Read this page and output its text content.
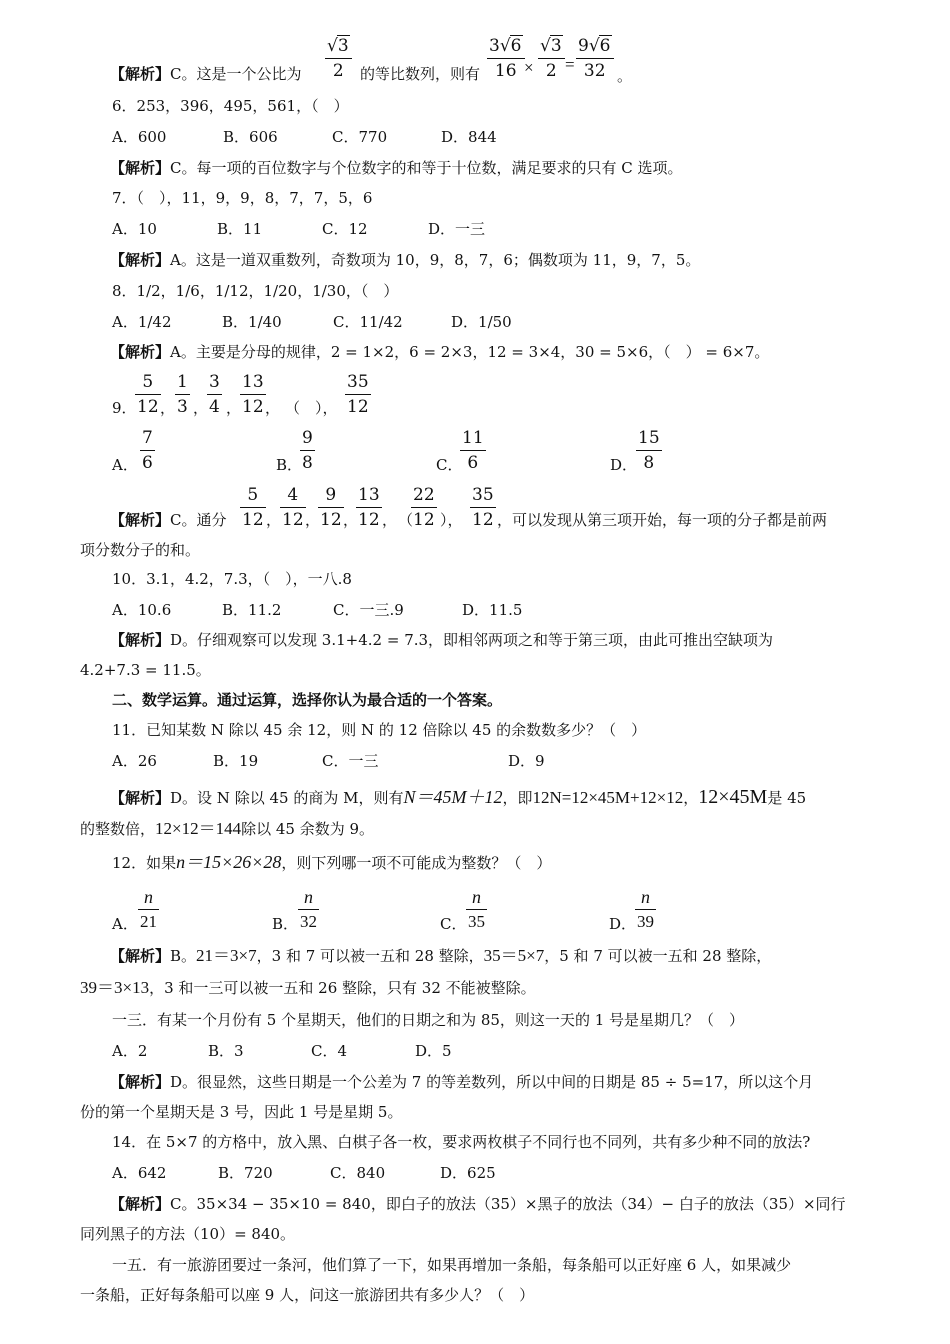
【解析】C。这是一个公比为
√3
2	的等比数列，则有
3√6
16 ×
√3
2 =
9√6
32 。
6．253，396，495，561，（　）
A．600	B．606	C．770	D．844
【解析】C。每一项的百位数字与个位数字的和等于十位数，满足要求的只有 C 选项。
7．（　），11，9，9，8，7，7，5，6
A．10	B．11	C．12	D．一三
【解析】A。这是一道双重数列，奇数项为 10，9，8，7，6；偶数项为 11，9，7，5。
8．1/2，1/6，1/12，1/20，1/30，（　）
A．1/42	B．1/40	C．11/42	D．1/50
【解析】A。主要是分母的规律，2 = 1×2，6 = 2×3，12 = 3×4，30 = 5×6，（　） = 6×7。
9．
5
12 ，
1
3 ，
3
4 ，
13
12 ， （　），
35
12
A．
7
6	B．
9
8	C．
11
6	D．
15
8
【解析】C。通分
5
12 ，
4
12 ，
9
12 ，
13
12 ， （
22
12 ），
35
12 ，可以发现从第三项开始，每一项的分子都是前两
项分数分子的和。
10．3.1，4.2，7.3，（　），一八.8
A．10.6	B．11.2	C．一三.9	D．11.5
【解析】D。仔细观察可以发现 3.1+4.2 = 7.3，即相邻两项之和等于第三项，由此可推出空缺项为
4.2+7.3 = 11.5。
二、数学运算。通过运算，选择你认为最合适的一个答案。
11．已知某数 N 除以 45 余 12，则 N 的 12 倍除以 45 的余数数多少？（　）
A．26	B．19	C．一三	D．9
【解析】D。设 N 除以 45 的商为 M，则有N＝45M＋12，即12N=12×45M+12×12，12×45M是 45
的整数倍，12×12＝144除以 45 余数为 9。
12．如果n＝15×26×28，则下列哪一项不可能成为整数？（　）
A．
n
21	B．
n
32	C．
n
35	D．
n
39
【解析】B。21＝3×7，3 和 7 可以被一五和 28 整除，35＝5×7，5 和 7 可以被一五和 28 整除，
39＝3×13，3 和一三可以被一五和 26 整除，只有 32 不能被整除。
一三．有某一个月份有 5 个星期天，他们的日期之和为 85，则这一天的 1 号是星期几？（　）
A．2	B．3	C．4	D．5
【解析】D。很显然，这些日期是一个公差为 7 的等差数列，所以中间的日期是 85 ÷ 5=17，所以这个月
份的第一个星期天是 3 号，因此 1 号是星期 5。
14．在 5×7 的方格中，放入黑、白棋子各一枚，要求两枚棋子不同行也不同列，共有多少种不同的放法?
A．642	B．720	C．840	D．625
【解析】C。35×34 − 35×10 = 840，即白子的放法（35）×黑子的放法（34）− 白子的放法（35）×同行
同列黑子的方法（10）= 840。
一五．有一旅游团要过一条河，他们算了一下，如果再增加一条船，每条船可以正好座 6 人，如果减少
一条船，正好每条船可以座 9 人，问这一旅游团共有多少人？（　）
